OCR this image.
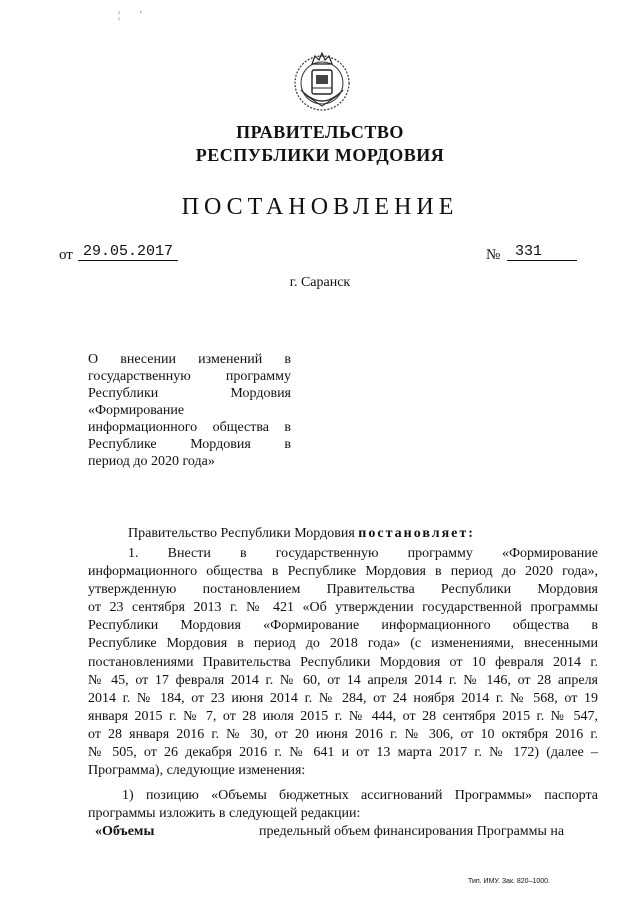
¦        '
ПРАВИТЕЛЬСТВО
РЕСПУБЛИКИ МОРДОВИЯ
ПОСТАНОВЛЕНИЕ
от 29.05.2017	№ 331
г. Саранск
О внесении изменений в
государственную программу
Республики Мордовия
«Формирование
информационного общества в
Республике Мордовия в
период до 2020 года»
Правительство Республики Мордовия постановляет:
1. Внести в государственную программу «Формирование
информационного общества в Республике Мордовия в период до 2020 года»,
утвержденную постановлением Правительства Республики Мордовия
от 23 сентября 2013 г. № 421 «Об утверждении государственной программы
Республики Мордовия «Формирование информационного общества в
Республике Мордовия в период до 2018 года» (с изменениями, внесенными
постановлениями Правительства Республики Мордовия от 10 февраля 2014 г.
№ 45, от 17 февраля 2014 г. № 60, от 14 апреля 2014 г. № 146, от 28 апреля
2014 г. № 184, от 23 июня 2014 г. № 284, от 24 ноября 2014 г. № 568, от 19
января 2015 г. № 7, от 28 июля 2015 г. № 444, от 28 сентября 2015 г. № 547,
от 28 января 2016 г. № 30, от 20 июня 2016 г. № 306, от 10 октября 2016 г.
№ 505, от 26 декабря 2016 г. № 641 и от 13 марта 2017 г. № 172) (далее –
Программа), следующие изменения:
1) позицию «Объемы бюджетных ассигнований Программы» паспорта
программы изложить в следующей редакции:
«Объемы	предельный объем финансирования Программы на
Тип. ИМУ. Зак. 820–1000.
